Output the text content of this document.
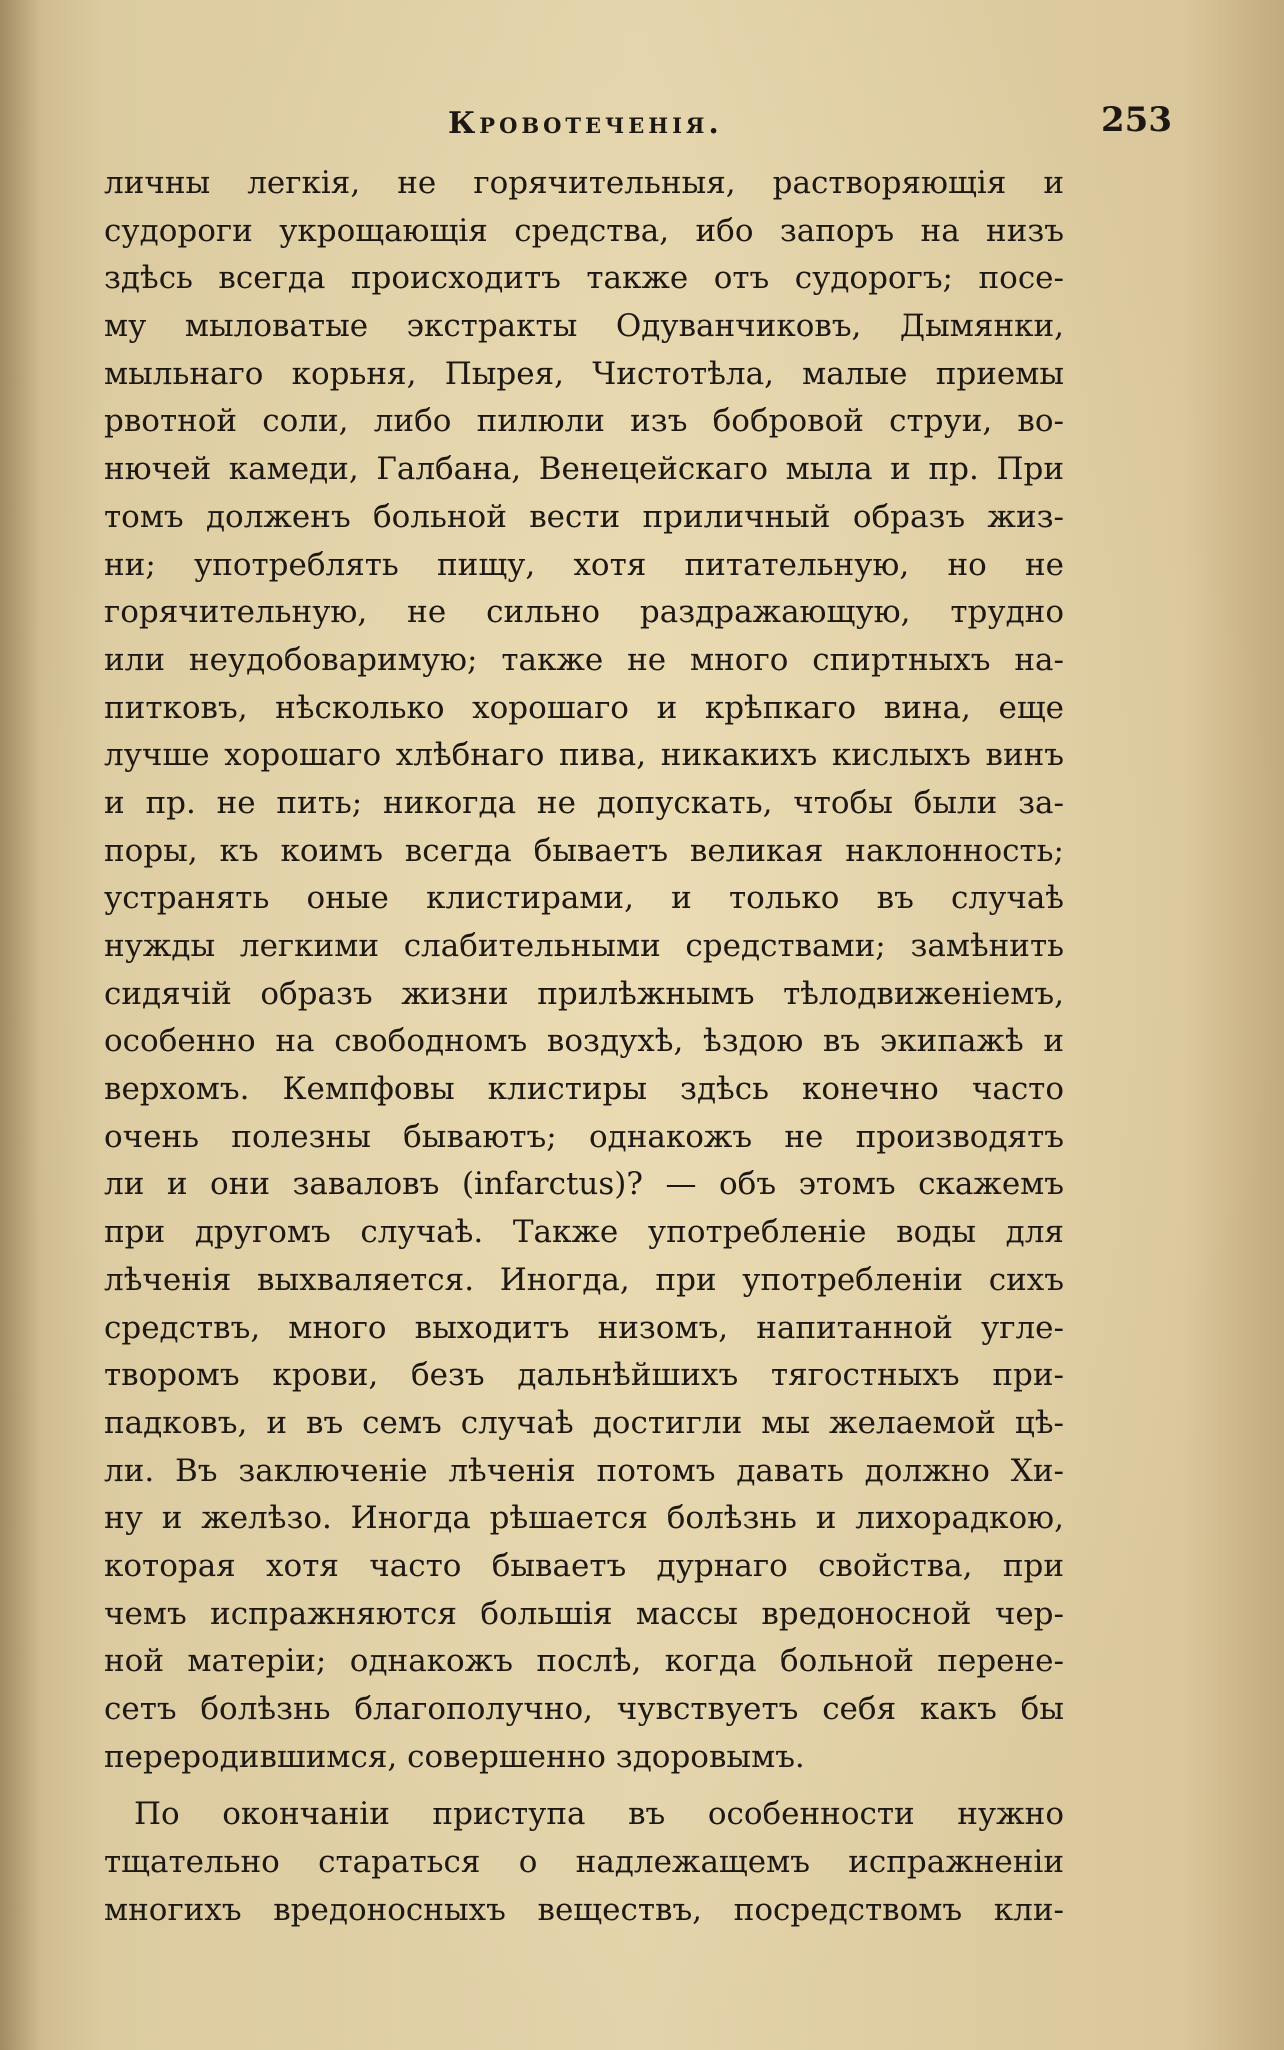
Кровотеченія.	253
личны легкія, не горячительныя, растворяющія и
судороги укрощающія средства, ибо запоръ на низъ
здѣсь всегда происходитъ также отъ судорогъ; посе-
му мыловатые экстракты Одуванчиковъ, Дымянки,
мыльнаго корьня, Пырея, Чистотѣла, малые приемы
рвотной соли, либо пилюли изъ бобровой струи, во-
нючей камеди, Галбана, Венецейскаго мыла и пр. При
томъ долженъ больной вести приличный образъ жиз-
ни; употреблять пищу, хотя питательную, но не
горячительную, не сильно раздражающую, трудно
или неудобоваримую; также не много спиртныхъ на-
питковъ, нѣсколько хорошаго и крѣпкаго вина, еще
лучше хорошаго хлѣбнаго пива, никакихъ кислыхъ винъ
и пр. не пить; никогда не допускать, чтобы были за-
поры, къ коимъ всегда бываетъ великая наклонность;
устранять оные клистирами, и только въ случаѣ
нужды легкими слабительными средствами; замѣнить
сидячій образъ жизни прилѣжнымъ тѣлодвиженіемъ,
особенно на свободномъ воздухѣ, ѣздою въ экипажѣ и
верхомъ. Кемпфовы клистиры здѣсь конечно часто
очень полезны бываютъ; однакожъ не производятъ
ли и они заваловъ (infarctus)? — объ этомъ скажемъ
при другомъ случаѣ. Также употребленіе воды для
лѣченія выхваляется. Иногда, при употребленіи сихъ
средствъ, много выходитъ низомъ, напитанной угле-
творомъ крови, безъ дальнѣйшихъ тягостныхъ при-
падковъ, и въ семъ случаѣ достигли мы желаемой цѣ-
ли. Въ заключеніе лѣченія потомъ давать должно Хи-
ну и желѣзо. Иногда рѣшается болѣзнь и лихорадкою,
которая хотя часто бываетъ дурнаго свойства, при
чемъ испражняются большія массы вредоносной чер-
ной матеріи; однакожъ послѣ, когда больной перене-
сетъ болѣзнь благополучно, чувствуетъ себя какъ бы
переродившимся, совершенно здоровымъ.
По окончаніи приступа въ особенности нужно
тщательно стараться о надлежащемъ испражненіи
многихъ вредоносныхъ веществъ, посредствомъ кли-
